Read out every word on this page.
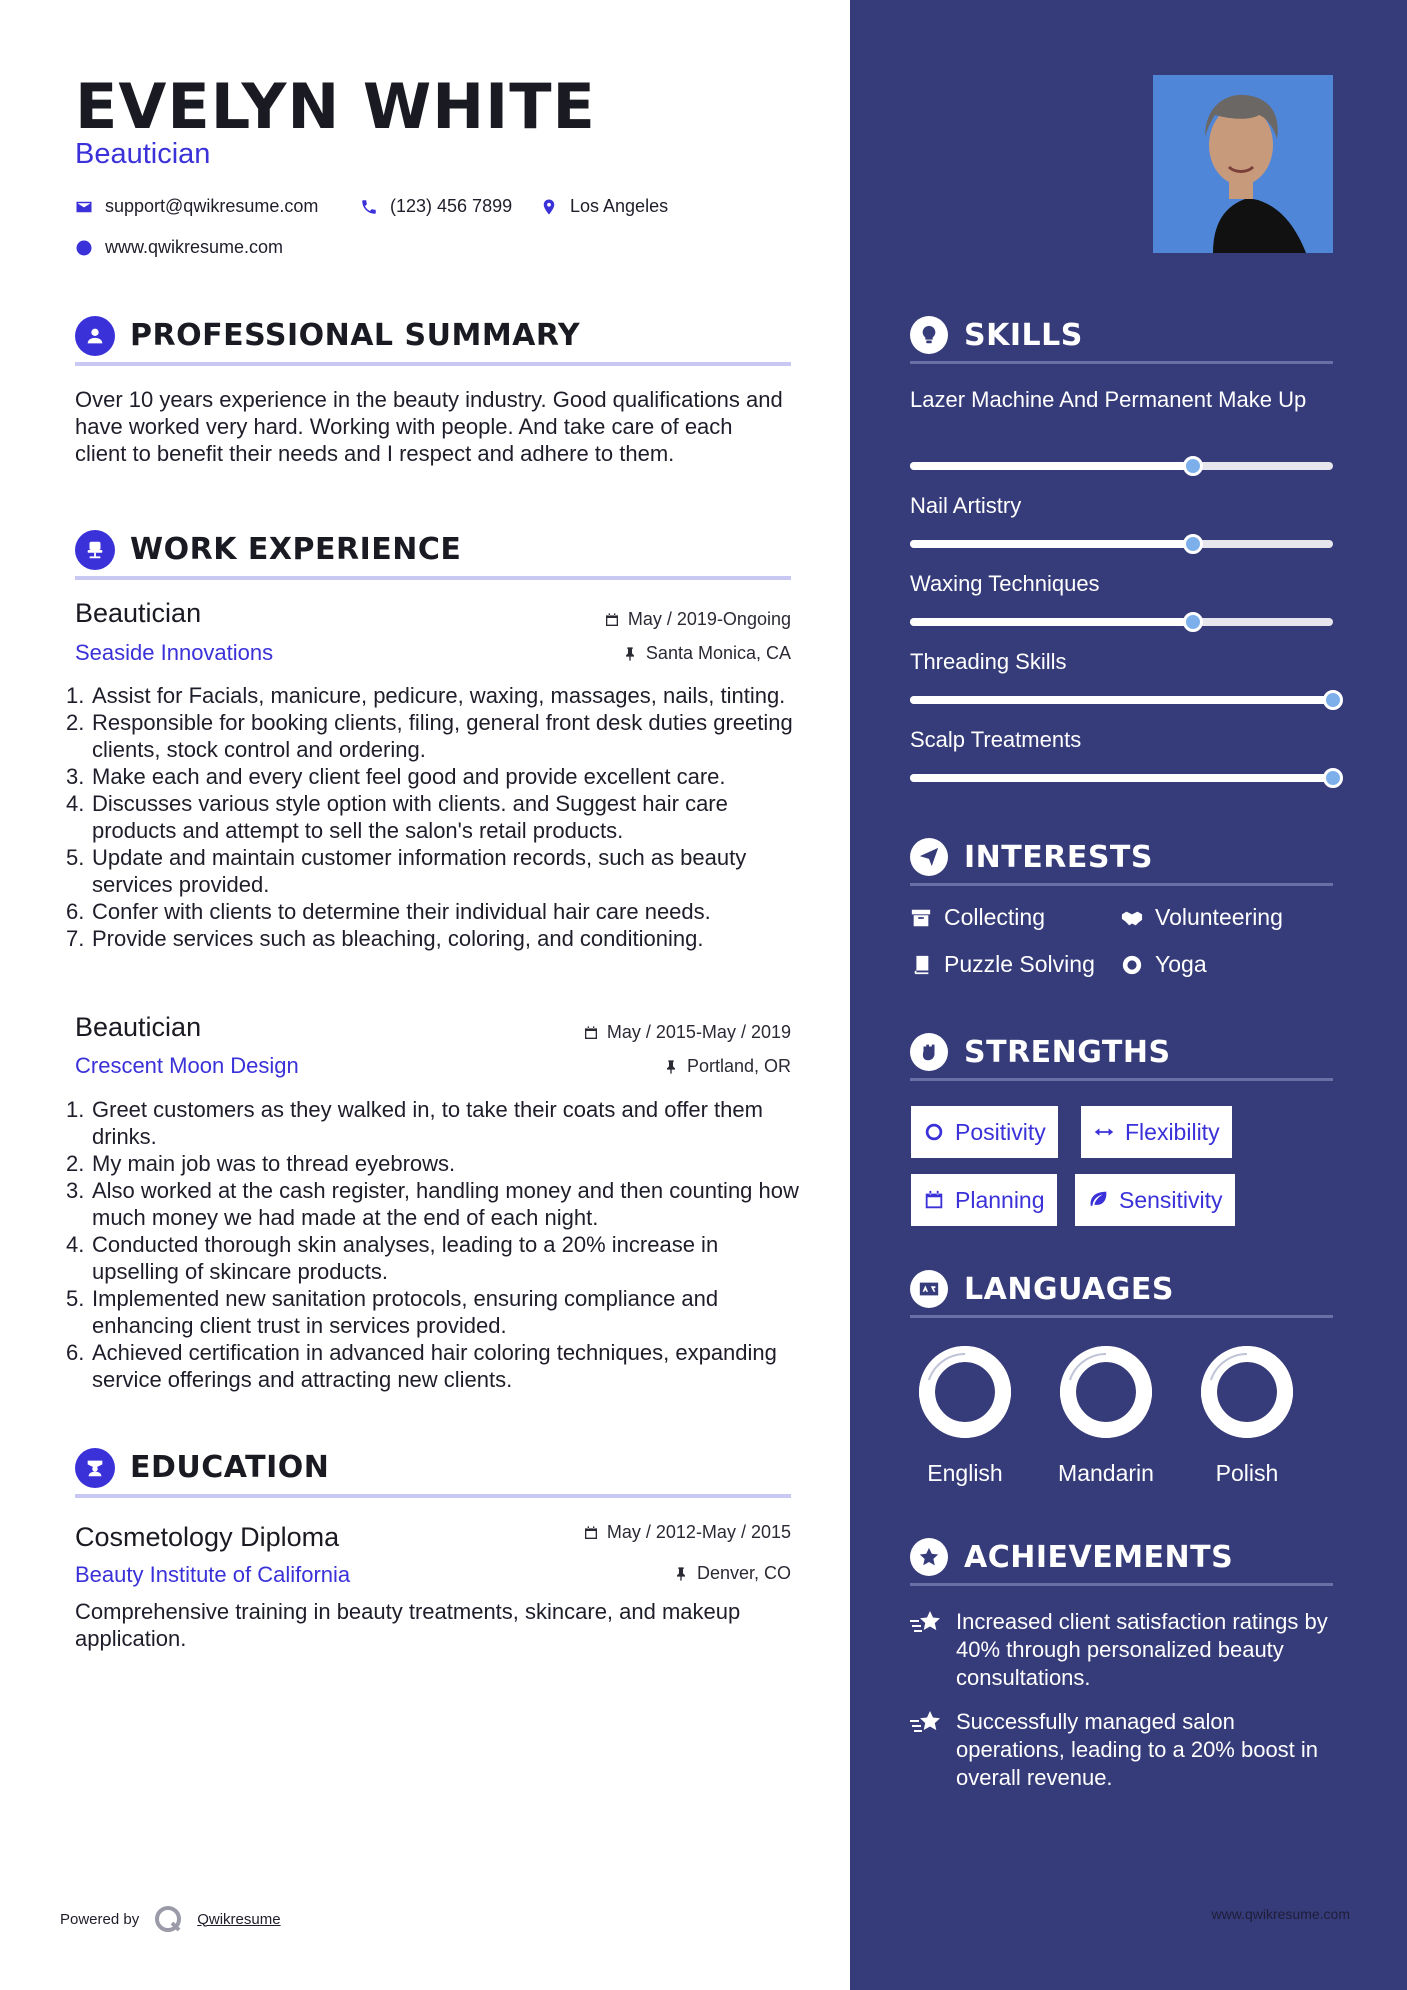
EVELYN WHITE
Beautician
support@qwikresume.com	(123) 456 7899	Los Angeles
www.qwikresume.com
PROFESSIONAL SUMMARY
Over 10 years experience in the beauty industry. Good qualifications and have worked very hard. Working with people. And take care of each client to benefit their needs and I respect and adhere to them.
WORK EXPERIENCE
Beautician	May / 2019-Ongoing
Seaside Innovations	Santa Monica, CA
1. Assist for Facials, manicure, pedicure, waxing, massages, nails, tinting.
2. Responsible for booking clients, filing, general front desk duties greeting clients, stock control and ordering.
3. Make each and every client feel good and provide excellent care.
4. Discusses various style option with clients. and Suggest hair care products and attempt to sell the salon's retail products.
5. Update and maintain customer information records, such as beauty services provided.
6. Confer with clients to determine their individual hair care needs.
7. Provide services such as bleaching, coloring, and conditioning.
Beautician	May / 2015-May / 2019
Crescent Moon Design	Portland, OR
1. Greet customers as they walked in, to take their coats and offer them drinks.
2. My main job was to thread eyebrows.
3. Also worked at the cash register, handling money and then counting how much money we had made at the end of each night.
4. Conducted thorough skin analyses, leading to a 20% increase in upselling of skincare products.
5. Implemented new sanitation protocols, ensuring compliance and enhancing client trust in services provided.
6. Achieved certification in advanced hair coloring techniques, expanding service offerings and attracting new clients.
EDUCATION
Cosmetology Diploma	May / 2012-May / 2015
Beauty Institute of California	Denver, CO
Comprehensive training in beauty treatments, skincare, and makeup application.
Powered by	Qwikresume
SKILLS
Lazer Machine And Permanent Make Up
Nail Artistry
Waxing Techniques
Threading Skills
Scalp Treatments
INTERESTS
Collecting	Volunteering
Puzzle Solving	Yoga
STRENGTHS
Positivity	Flexibility
Planning	Sensitivity
LANGUAGES
English	Mandarin	Polish
ACHIEVEMENTS
Increased client satisfaction ratings by 40% through personalized beauty consultations.
Successfully managed salon operations, leading to a 20% boost in overall revenue.
www.qwikresume.com
